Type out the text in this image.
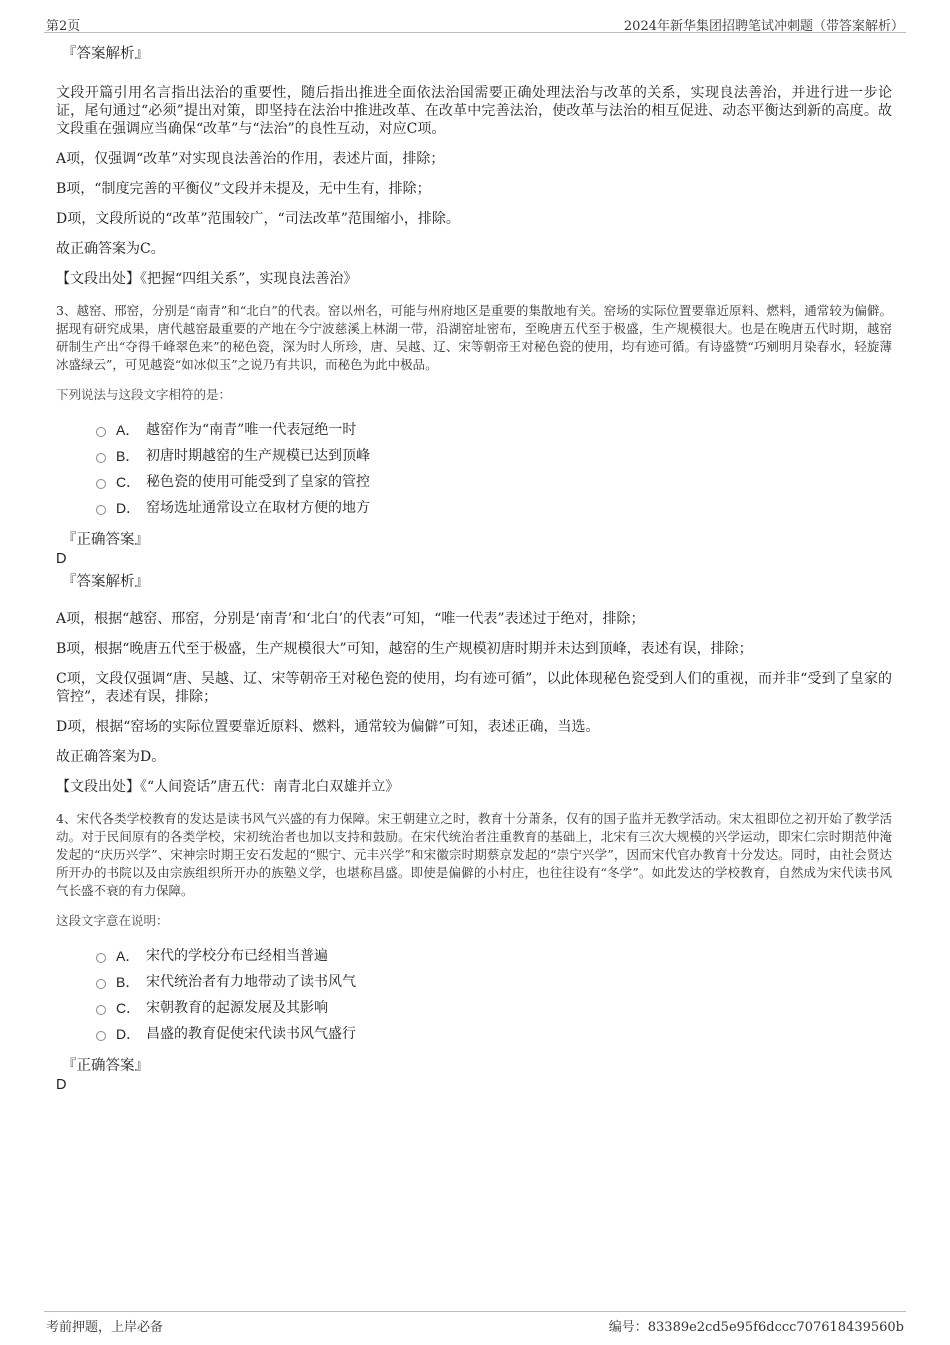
第2页	2024年新华集团招聘笔试冲刺题（带答案解析）

『答案解析』

文段开篇引用名言指出法治的重要性，随后指出推进全面依法治国需要正确处理法治与改革的关系，实现良法善治，并进行进一步论证，尾句通过“必须”提出对策，即坚持在法治中推进改革、在改革中完善法治，使改革与法治的相互促进、动态平衡达到新的高度。故文段重在强调应当确保“改革”与“法治”的良性互动，对应C项。

A项，仅强调“改革”对实现良法善治的作用，表述片面，排除；

B项，“制度完善的平衡仪”文段并未提及，无中生有，排除；

D项，文段所说的“改革”范围较广，“司法改革”范围缩小，排除。

故正确答案为C。

【文段出处】《把握“四组关系”，实现良法善治》

3、越窑、邢窑，分别是“南青”和“北白”的代表。窑以州名，可能与州府地区是重要的集散地有关。窑场的实际位置要靠近原料、燃料，通常较为偏僻。据现有研究成果，唐代越窑最重要的产地在今宁波慈溪上林湖一带，沿湖窑址密布，至晚唐五代至于极盛，生产规模很大。也是在晚唐五代时期，越窑研制生产出“夺得千峰翠色来”的秘色瓷，深为时人所珍，唐、吴越、辽、宋等朝帝王对秘色瓷的使用，均有迹可循。有诗盛赞“巧剜明月染春水，轻旋薄冰盛绿云”，可见越瓷“如冰似玉”之说乃有共识，而秘色为此中极品。

下列说法与这段文字相符的是：

A． 越窑作为“南青”唯一代表冠绝一时
B． 初唐时期越窑的生产规模已达到顶峰
C． 秘色瓷的使用可能受到了皇家的管控
D． 窑场选址通常设立在取材方便的地方

『正确答案』

D

『答案解析』

A项，根据“越窑、邢窑，分别是‘南青’和‘北白’的代表”可知，“唯一代表”表述过于绝对，排除；

B项，根据“晚唐五代至于极盛，生产规模很大”可知，越窑的生产规模初唐时期并未达到顶峰，表述有误，排除；

C项，文段仅强调“唐、吴越、辽、宋等朝帝王对秘色瓷的使用，均有迹可循”，以此体现秘色瓷受到人们的重视，而并非“受到了皇家的管控”，表述有误，排除；

D项，根据“窑场的实际位置要靠近原料、燃料，通常较为偏僻”可知，表述正确，当选。

故正确答案为D。

【文段出处】《“人间瓷话”唐五代：南青北白双雄并立》

4、宋代各类学校教育的发达是读书风气兴盛的有力保障。宋王朝建立之时，教育十分萧条，仅有的国子监并无教学活动。宋太祖即位之初开始了教学活动。对于民间原有的各类学校，宋初统治者也加以支持和鼓励。在宋代统治者注重教育的基础上，北宋有三次大规模的兴学运动，即宋仁宗时期范仲淹发起的“庆历兴学”、宋神宗时期王安石发起的“熙宁、元丰兴学”和宋徽宗时期蔡京发起的“崇宁兴学”，因而宋代官办教育十分发达。同时，由社会贤达所开办的书院以及由宗族组织所开办的族塾义学，也堪称昌盛。即使是偏僻的小村庄，也往往设有“冬学”。如此发达的学校教育，自然成为宋代读书风气长盛不衰的有力保障。

这段文字意在说明：

A． 宋代的学校分布已经相当普遍
B． 宋代统治者有力地带动了读书风气
C． 宋朝教育的起源发展及其影响
D． 昌盛的教育促使宋代读书风气盛行

『正确答案』

D

考前押题，上岸必备	编号：83389e2cd5e95f6dccc707618439560b
